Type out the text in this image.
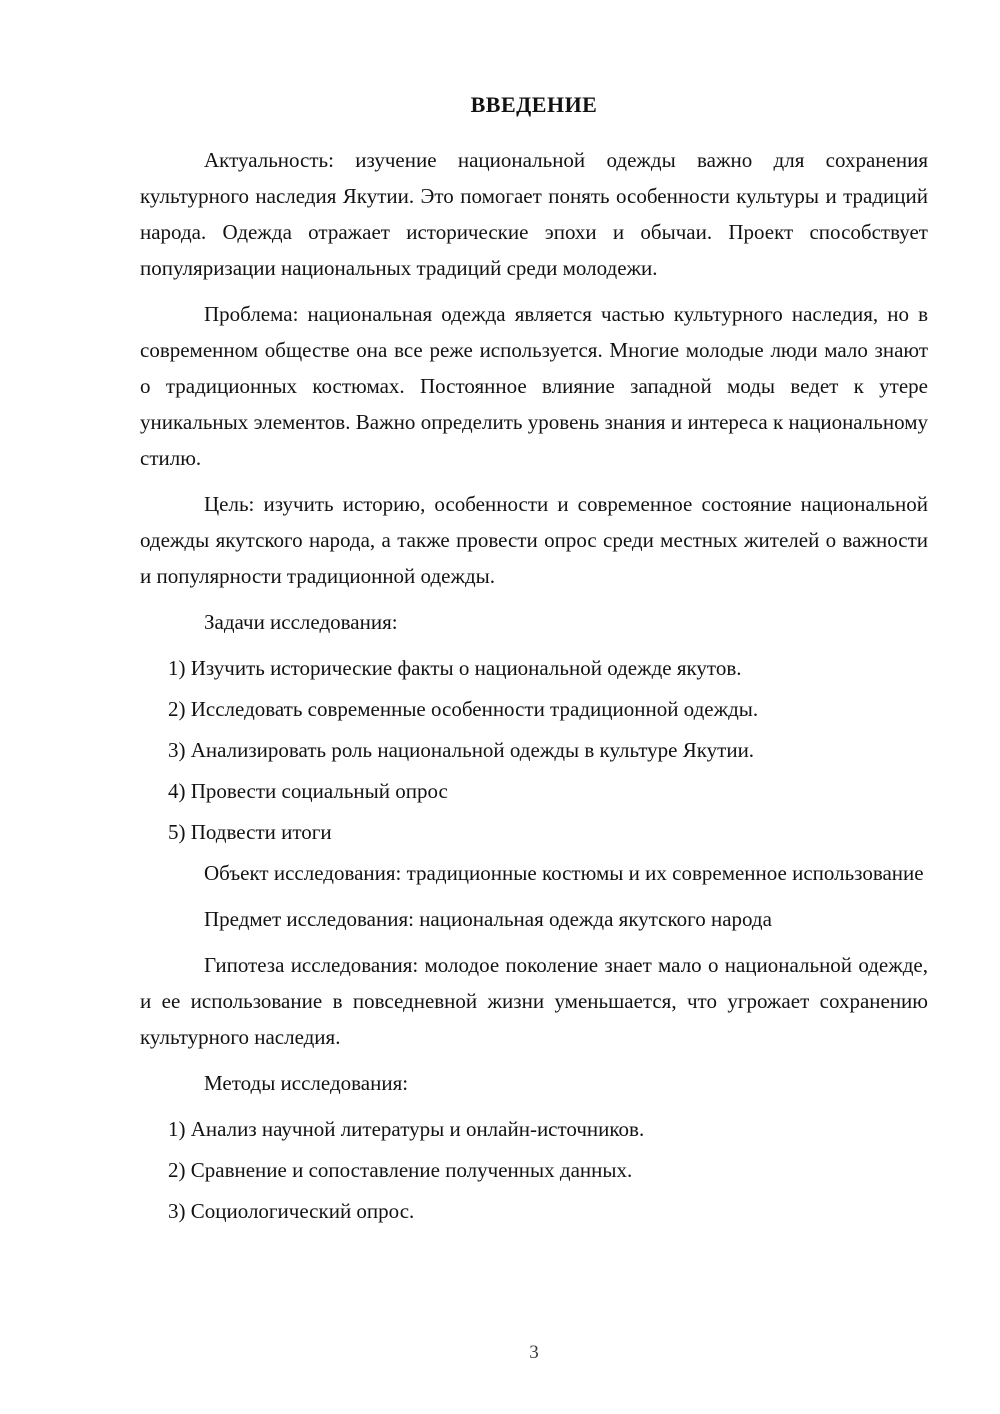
ВВЕДЕНИЕ

Актуальность: изучение национальной одежды важно для сохранения культурного наследия Якутии. Это помогает понять особенности культуры и традиций народа. Одежда отражает исторические эпохи и обычаи. Проект способствует популяризации национальных традиций среди молодежи.

Проблема: национальная одежда является частью культурного наследия, но в современном обществе она все реже используется. Многие молодые люди мало знают о традиционных костюмах. Постоянное влияние западной моды ведет к утере уникальных элементов. Важно определить уровень знания и интереса к национальному стилю.

Цель: изучить историю, особенности и современное состояние национальной одежды якутского народа, а также провести опрос среди местных жителей о важности и популярности традиционной одежды.

Задачи исследования:

1) Изучить исторические факты о национальной одежде якутов.

2) Исследовать современные особенности традиционной одежды.

3) Анализировать роль национальной одежды в культуре Якутии.

4) Провести социальный опрос

5) Подвести итоги

Объект исследования: традиционные костюмы и их современное использование

Предмет исследования: национальная одежда якутского народа

Гипотеза исследования: молодое поколение знает мало о национальной одежде, и ее использование в повседневной жизни уменьшается, что угрожает сохранению культурного наследия.

Методы исследования:

1) Анализ научной литературы и онлайн-источников.

2) Сравнение и сопоставление полученных данных.

3) Социологический опрос.

3
